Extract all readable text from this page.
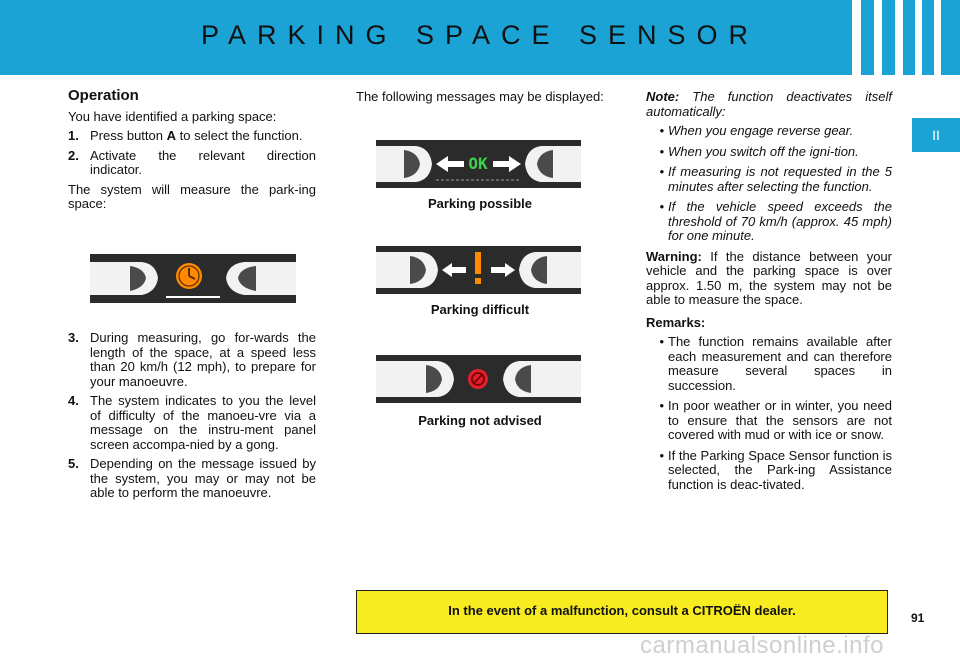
PARKING SPACE SENSOR
II
Operation

You have identified a parking space:

1. Press button A to select the function.
2. Activate the relevant direction indicator.

The system will measure the park-ing space:

3. During measuring, go for-wards the length of the space, at a speed less than 20 km/h (12 mph), to prepare for your manoeuvre.
4. The system indicates to you the level of difficulty of the manoeu-vre via a message on the instru-ment panel screen accompa-nied by a gong.
5. Depending on the message issued by the system, you may or may not be able to perform the manoeuvre.

The following messages may be displayed:

OK
Parking possible
Parking difficult
Parking not advised

Note: The function deactivates itself automatically:

• When you engage reverse gear.
• When you switch off the igni-tion.
• If measuring is not requested in the 5 minutes after selecting the function.
• If the vehicle speed exceeds the threshold of 70 km/h (approx. 45 mph) for one minute.

Warning: If the distance between your vehicle and the parking space is over approx. 1.50 m, the system may not be able to measure the space.

Remarks:

• The function remains available after each measurement and can therefore measure several spaces in succession.
• In poor weather or in winter, you need to ensure that the sensors are not covered with mud or with ice or snow.
• If the Parking Space Sensor function is selected, the Park-ing Assistance function is deac-tivated.
In the event of a malfunction, consult a CITROËN dealer.	91
carmanualsonline.info
